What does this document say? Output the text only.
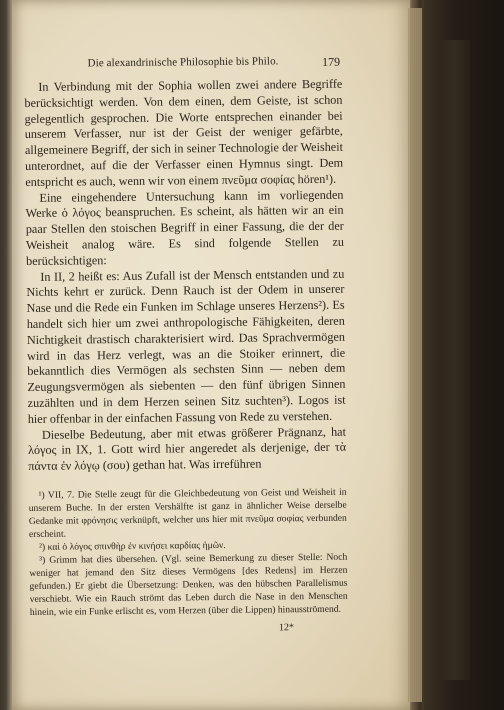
Die alexandrinische Philosophie bis Philo.	179

In Verbindung mit der Sophia wollen zwei andere Begriffe berücksichtigt werden. Von dem einen, dem Geiste, ist schon gelegentlich gesprochen. Die Worte entsprechen einander bei unserem Verfasser, nur ist der Geist der weniger gefärbte, allgemeinere Begriff, der sich in seiner Technologie der Weisheit unterordnet, auf die der Verfasser einen Hymnus singt. Dem entspricht es auch, wenn wir von einem πνεῦμα σοφίας hören¹).

Eine eingehendere Untersuchung kann im vorliegenden Werke ὁ λόγος beanspruchen. Es scheint, als hätten wir an ein paar Stellen den stoischen Begriff in einer Fassung, die der der Weisheit analog wäre. Es sind folgende Stellen zu berücksichtigen:

In II, 2 heißt es: Aus Zufall ist der Mensch entstanden und zu Nichts kehrt er zurück. Denn Rauch ist der Odem in unserer Nase und die Rede ein Funken im Schlage unseres Herzens²). Es handelt sich hier um zwei anthropologische Fähigkeiten, deren Nichtigkeit drastisch charakterisiert wird. Das Sprachvermögen wird in das Herz verlegt, was an die Stoiker erinnert, die bekanntlich dies Vermögen als sechsten Sinn — neben dem Zeugungsvermögen als siebenten — den fünf übrigen Sinnen zuzählten und in dem Herzen seinen Sitz suchten³). Logos ist hier offenbar in der einfachen Fassung von Rede zu verstehen.

Dieselbe Bedeutung, aber mit etwas größerer Prägnanz, hat λόγος in IX, 1. Gott wird hier angeredet als derjenige, der τὰ πάντα ἐν λόγῳ (σου) gethan hat. Was irreführen

¹) VII, 7. Die Stelle zeugt für die Gleichbedeutung von Geist und Weisheit in unserem Buche. In der ersten Vershälfte ist ganz in ähnlicher Weise derselbe Gedanke mit φρόνησις verknüpft, welcher uns hier mit πνεῦμα σοφίας verbunden erscheint.

²) καὶ ὁ λόγος σπινθὴρ ἐν κινήσει καρδίας ἡμῶν.

³) Grimm hat dies übersehen. (Vgl. seine Bemerkung zu dieser Stelle: Noch weniger hat jemand den Sitz dieses Vermögens [des Redens] im Herzen gefunden.) Er giebt die Übersetzung: Denken, was den hübschen Parallelismus verschiebt. Wie ein Rauch strömt das Leben durch die Nase in den Menschen hinein, wie ein Funke erlischt es, vom Herzen (über die Lippen) hinausströmend.

12*
